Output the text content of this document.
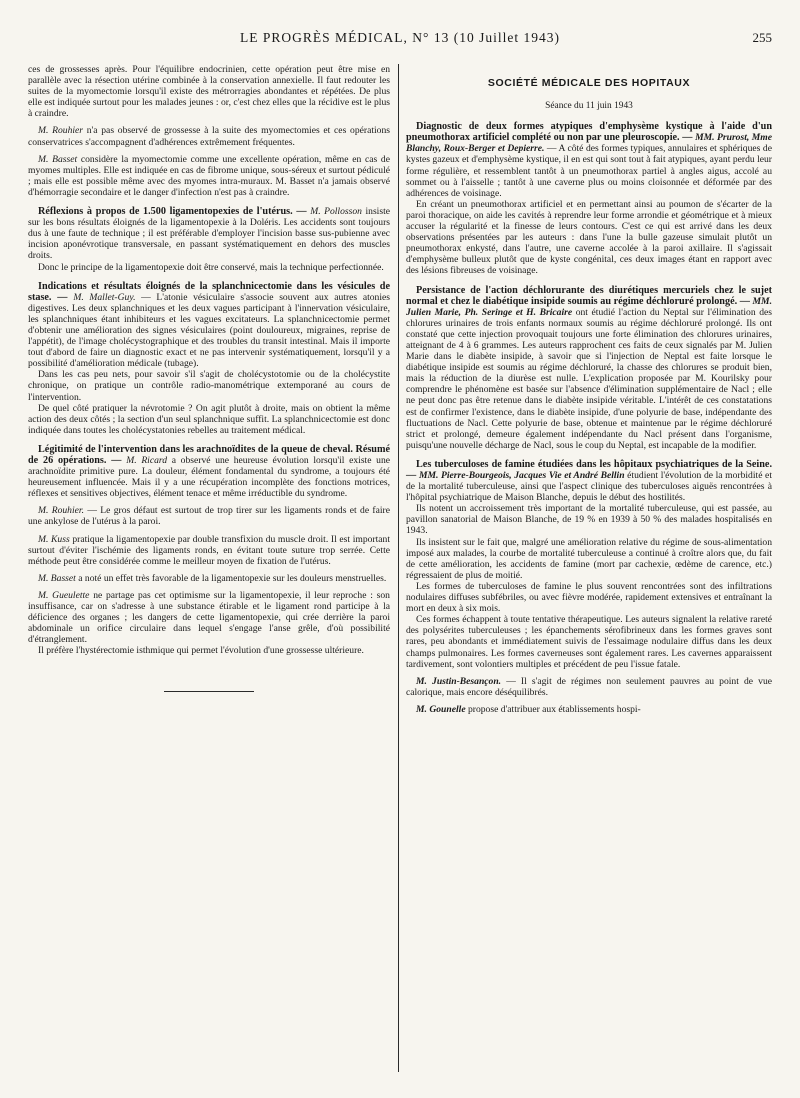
LE PROGRÈS MÉDICAL, N° 13 (10 Juillet 1943)	255

ces de grossesses après. Pour l'équilibre endocrinien, cette opération peut être mise en parallèle avec la résection utérine combinée à la conservation annexielle. Il faut redouter les suites de la myomectomie lorsqu'il existe des métrorragies abondantes et répétées. De plus elle est indiquée surtout pour les malades jeunes : or, c'est chez elles que la récidive est le plus à craindre.

M. Rouhier n'a pas observé de grossesse à la suite des myomectomies et ces opérations conservatrices s'accompagnent d'adhérences extrêmement fréquentes.

M. Basset considère la myomectomie comme une excellente opération, même en cas de myomes multiples. Elle est indiquée en cas de fibrome unique, sous-séreux et surtout pédiculé ; mais elle est possible même avec des myomes intra-muraux. M. Basset n'a jamais observé d'hémorragie secondaire et le danger d'infection n'est pas à craindre.

Réflexions à propos de 1.500 ligamentopexies de l'utérus. — M. Pollosson insiste sur les bons résultats éloignés de la ligamentopexie à la Doléris. Les accidents sont toujours dus à une faute de technique ; il est préférable d'employer l'incision basse sus-pubienne avec incision aponévrotique transversale, en passant systématiquement en dehors des muscles droits.

Donc le principe de la ligamentopexie doit être conservé, mais la technique perfectionnée.

Indications et résultats éloignés de la splanchnicectomie dans les vésicules de stase. — M. Mallet-Guy. — L'atonie vésiculaire s'associe souvent aux autres atonies digestives. Les deux splanchniques et les deux vagues participant à l'innervation vésiculaire, les splanchniques étant inhibiteurs et les vagues excitateurs. La splanchnicectomie permet d'obtenir une amélioration des signes vésiculaires (point douloureux, migraines, reprise de l'appétit), de l'image cholécystographique et des troubles du transit intestinal. Mais il importe tout d'abord de faire un diagnostic exact et ne pas intervenir systématiquement, lorsqu'il y a possibilité d'amélioration médicale (tubage).

Dans les cas peu nets, pour savoir s'il s'agit de cholécystotomie ou de la cholécystite chronique, on pratique un contrôle radio-manométrique extemporané au cours de l'intervention.

De quel côté pratiquer la névrotomie ? On agit plutôt à droite, mais on obtient la même action des deux côtés ; la section d'un seul splanchnique suffit. La splanchnicectomie est donc indiquée dans toutes les cholécystatonies rebelles au traitement médical.

Légitimité de l'intervention dans les arachnoïdites de la queue de cheval. Résumé de 26 opérations. — M. Ricard a observé une heureuse évolution lorsqu'il existe une arachnoïdite primitive pure. La douleur, élément fondamental du syndrome, a toujours été heureusement influencée. Mais il y a une récupération incomplète des fonctions motrices, réflexes et sensitives objectives, élément tenace et même irréductible du syndrome.

M. Rouhier. — Le gros défaut est surtout de trop tirer sur les ligaments ronds et de faire une ankylose de l'utérus à la paroi.

M. Kuss pratique la ligamentopexie par double transfixion du muscle droit. Il est important surtout d'éviter l'ischémie des ligaments ronds, en évitant toute suture trop serrée. Cette méthode peut être considérée comme le meilleur moyen de fixation de l'utérus.

M. Basset a noté un effet très favorable de la ligamentopexie sur les douleurs menstruelles.

M. Gueulette ne partage pas cet optimisme sur la ligamentopexie, il leur reproche : son insuffisance, car on s'adresse à une substance étirable et le ligament rond participe à la déficience des organes ; les dangers de cette ligamentopexie, qui crée derrière la paroi abdominale un orifice circulaire dans lequel s'engage l'anse grêle, d'où possibilité d'étranglement.

Il préfère l'hystérectomie isthmique qui permet l'évolution d'une grossesse ultérieure.

SOCIÉTÉ MÉDICALE DES HOPITAUX

Séance du 11 juin 1943

Diagnostic de deux formes atypiques d'emphysème kystique à l'aide d'un pneumothorax artificiel complété ou non par une pleuroscopie. — MM. Prurost, Mme Blanchy, Roux-Berger et Depierre. — A côté des formes typiques, annulaires et sphériques de kystes gazeux et d'emphysème kystique, il en est qui sont tout à fait atypiques, ayant perdu leur forme régulière, et ressemblent tantôt à un pneumothorax partiel à angles aigus, accolé au sommet ou à l'aisselle ; tantôt à une caverne plus ou moins cloisonnée et déformée par des adhérences de voisinage.

En créant un pneumothorax artificiel et en permettant ainsi au poumon de s'écarter de la paroi thoracique, on aide les cavités à reprendre leur forme arrondie et géométrique et à mieux accuser la régularité et la finesse de leurs contours. C'est ce qui est arrivé dans les deux observations présentées par les auteurs : dans l'une la bulle gazeuse simulait plutôt un pneumothorax enkysté, dans l'autre, une caverne accolée à la paroi axillaire. Il s'agissait d'emphysème bulleux plutôt que de kyste congénital, ces deux images étant en rapport avec des lésions fibreuses de voisinage.

Persistance de l'action déchlorurante des diurétiques mercuriels chez le sujet normal et chez le diabétique insipide soumis au régime déchloruré prolongé. — MM. Julien Marie, Ph. Seringe et H. Bricaire ont étudié l'action du Neptal sur l'élimination des chlorures urinaires de trois enfants normaux soumis au régime déchloruré prolongé. Ils ont constaté que cette injection provoquait toujours une forte élimination des chlorures urinaires, atteignant de 4 à 6 grammes. Les auteurs rapprochent ces faits de ceux signalés par M. Julien Marie dans le diabète insipide, à savoir que si l'injection de Neptal est faite lorsque le diabétique insipide est soumis au régime déchloruré, la chasse des chlorures se produit bien, mais la réduction de la diurèse est nulle. L'explication proposée par M. Kourilsky pour comprendre le phénomène est basée sur l'absence d'élimination supplémentaire de Nacl ; elle ne peut donc pas être retenue dans le diabète insipide véritable. L'intérêt de ces constatations est de confirmer l'existence, dans le diabète insipide, d'une polyurie de base, indépendante des fluctuations de Nacl. Cette polyurie de base, obtenue et maintenue par le régime déchloruré strict et prolongé, demeure également indépendante du Nacl présent dans l'organisme, puisqu'une nouvelle décharge de Nacl, sous le coup du Neptal, est incapable de la modifier.

Les tuberculoses de famine étudiées dans les hôpitaux psychiatriques de la Seine. — MM. Pierre-Bourgeois, Jacques Vie et André Bellin étudient l'évolution de la morbidité et de la mortalité tuberculeuse, ainsi que l'aspect clinique des tuberculoses aiguës rencontrées à l'hôpital psychiatrique de Maison Blanche, depuis le début des hostilités.

Ils notent un accroissement très important de la mortalité tuberculeuse, qui est passée, au pavillon sanatorial de Maison Blanche, de 19 % en 1939 à 50 % des malades hospitalisés en 1943.

Ils insistent sur le fait que, malgré une amélioration relative du régime de sous-alimentation imposé aux malades, la courbe de mortalité tuberculeuse a continué à croître alors que, du fait de cette amélioration, les accidents de famine (mort par cachexie, œdème de carence, etc.) régressaient de plus de moitié.

Les formes de tuberculoses de famine le plus souvent rencontrées sont des infiltrations nodulaires diffuses subfébriles, ou avec fièvre modérée, rapidement extensives et entraînant la mort en deux à six mois.

Ces formes échappent à toute tentative thérapeutique. Les auteurs signalent la relative rareté des polysérites tuberculeuses ; les épanchements sérofibrineux dans les formes graves sont rares, peu abondants et immédiatement suivis de l'essaimage nodulaire diffus dans les deux champs pulmonaires. Les formes caverneuses sont également rares. Les cavernes apparaissent tardivement, sont volontiers multiples et précédent de peu l'issue fatale.

M. Justin-Besançon. — Il s'agit de régimes non seulement pauvres au point de vue calorique, mais encore déséquilibrés.

M. Gounelle propose d'attribuer aux établissements hospi-
